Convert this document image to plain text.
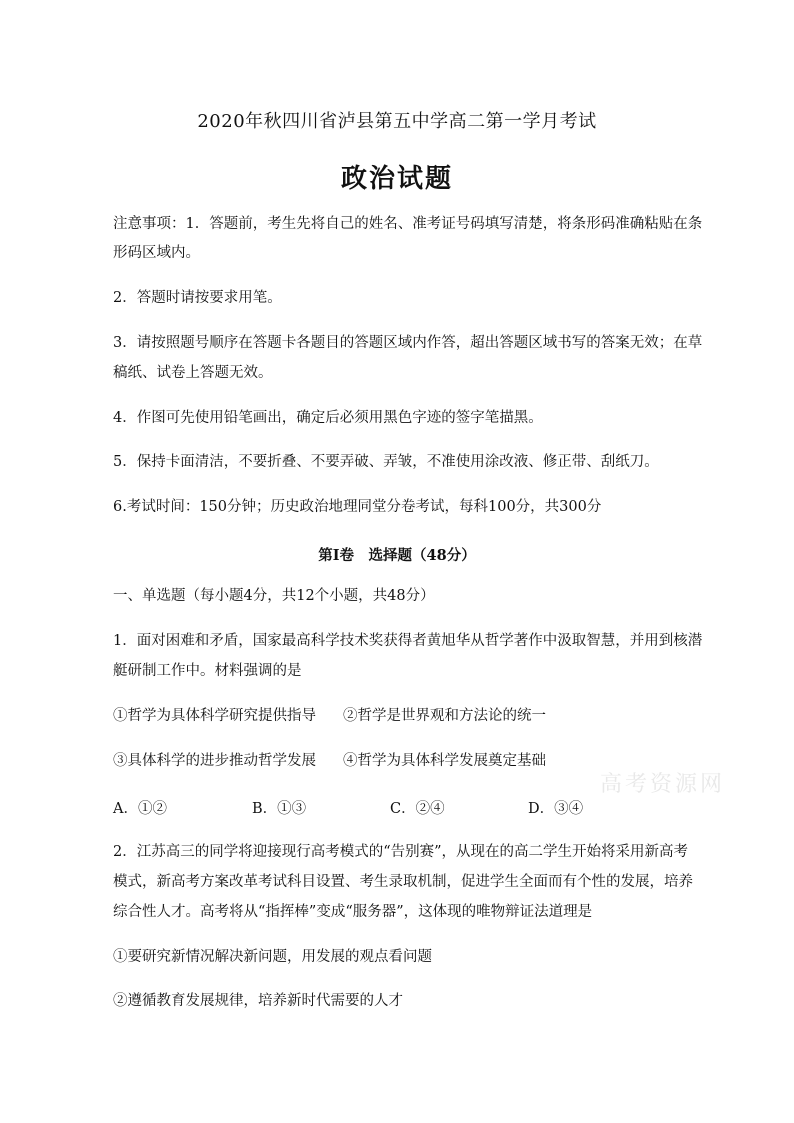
2020年秋四川省泸县第五中学高二第一学月考试
政治试题
注意事项：1．答题前，考生先将自己的姓名、准考证号码填写清楚，将条形码准确粘贴在条
形码区域内。
2．答题时请按要求用笔。
3．请按照题号顺序在答题卡各题目的答题区域内作答，超出答题区域书写的答案无效；在草
稿纸、试卷上答题无效。
4．作图可先使用铅笔画出，确定后必须用黑色字迹的签字笔描黑。
5．保持卡面清洁，不要折叠、不要弄破、弄皱，不准使用涂改液、修正带、刮纸刀。
6.考试时间：150分钟；历史政治地理同堂分卷考试，每科100分，共300分
第I卷　选择题（48分）
一、单选题（每小题4分，共12个小题，共48分）
1．面对困难和矛盾，国家最高科学技术奖获得者黄旭华从哲学著作中汲取智慧，并用到核潜
艇研制工作中。材料强调的是
①哲学为具体科学研究提供指导 ②哲学是世界观和方法论的统一
③具体科学的进步推动哲学发展 ④哲学为具体科学发展奠定基础
A．①②	B．①③	C．②④	D．③④
高考资源网
2．江苏高三的同学将迎接现行高考模式的“告别赛”，从现在的高二学生开始将采用新高考
模式，新高考方案改革考试科目设置、考生录取机制，促进学生全面而有个性的发展，培养
综合性人才。高考将从“指挥棒”变成“服务器”，这体现的唯物辩证法道理是
①要研究新情况解决新问题，用发展的观点看问题
②遵循教育发展规律，培养新时代需要的人才
